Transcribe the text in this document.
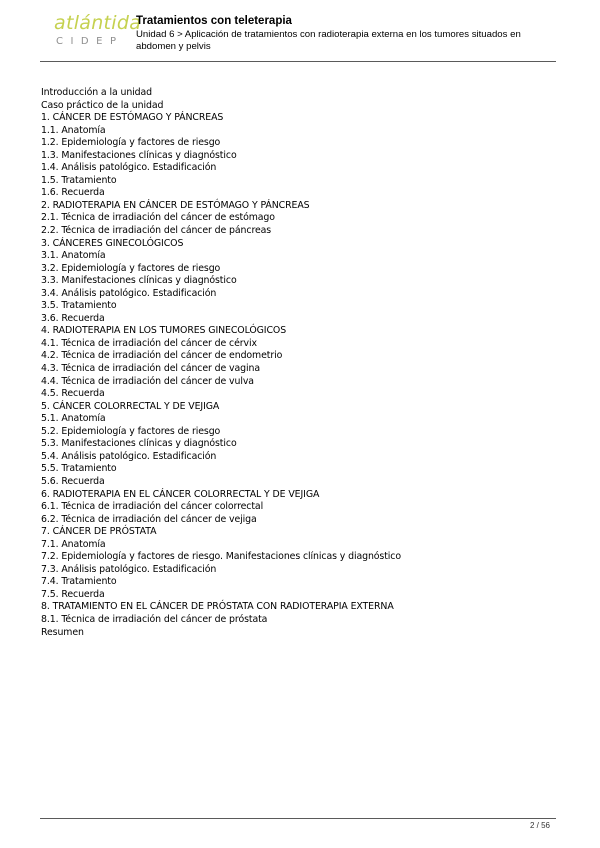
atlántida
CIDEP
Tratamientos con teleterapia
Unidad 6 > Aplicación de tratamientos con radioterapia externa en los tumores situados en abdomen y pelvis
Introducción a la unidad
Caso práctico de la unidad
1. CÁNCER DE ESTÓMAGO Y PÁNCREAS
1.1. Anatomía
1.2. Epidemiología y factores de riesgo
1.3. Manifestaciones clínicas y diagnóstico
1.4. Análisis patológico. Estadificación
1.5. Tratamiento
1.6. Recuerda
2. RADIOTERAPIA EN CÁNCER DE ESTÓMAGO Y PÁNCREAS
2.1. Técnica de irradiación del cáncer de estómago
2.2. Técnica de irradiación del cáncer de páncreas
3. CÁNCERES GINECOLÓGICOS
3.1. Anatomía
3.2. Epidemiología y factores de riesgo
3.3. Manifestaciones clínicas y diagnóstico
3.4. Análisis patológico. Estadificación
3.5. Tratamiento
3.6. Recuerda
4. RADIOTERAPIA EN LOS TUMORES GINECOLÓGICOS
4.1. Técnica de irradiación del cáncer de cérvix
4.2. Técnica de irradiación del cáncer de endometrio
4.3. Técnica de irradiación del cáncer de vagina
4.4. Técnica de irradiación del cáncer de vulva
4.5. Recuerda
5. CÁNCER COLORRECTAL Y DE VEJIGA
5.1. Anatomía
5.2. Epidemiología y factores de riesgo
5.3. Manifestaciones clínicas y diagnóstico
5.4. Análisis patológico. Estadificación
5.5. Tratamiento
5.6. Recuerda
6. RADIOTERAPIA EN EL CÁNCER COLORRECTAL Y DE VEJIGA
6.1. Técnica de irradiación del cáncer colorrectal
6.2. Técnica de irradiación del cáncer de vejiga
7. CÁNCER DE PRÓSTATA
7.1. Anatomía
7.2. Epidemiología y factores de riesgo. Manifestaciones clínicas y diagnóstico
7.3. Análisis patológico. Estadificación
7.4. Tratamiento
7.5. Recuerda
8. TRATAMIENTO EN EL CÁNCER DE PRÓSTATA CON RADIOTERAPIA EXTERNA
8.1. Técnica de irradiación del cáncer de próstata
Resumen
2 / 56
